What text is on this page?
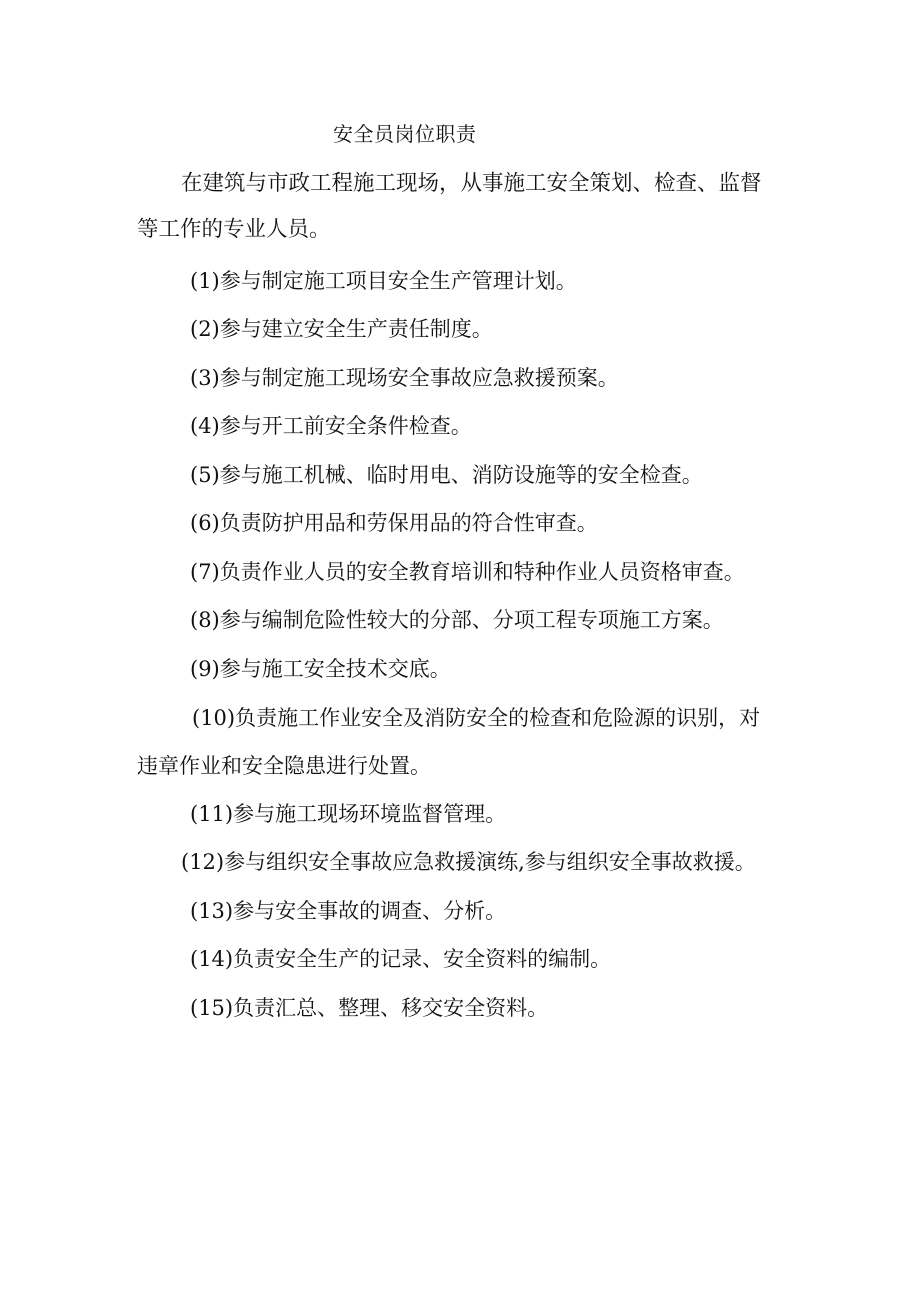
安全员岗位职责
在建筑与市政工程施工现场，从事施工安全策划、检查、监督
等工作的专业人员。
(1)参与制定施工项目安全生产管理计划。
(2)参与建立安全生产责任制度。
(3)参与制定施工现场安全事故应急救援预案。
(4)参与开工前安全条件检查。
(5)参与施工机械、临时用电、消防设施等的安全检查。
(6)负责防护用品和劳保用品的符合性审查。
(7)负责作业人员的安全教育培训和特种作业人员资格审查。
(8)参与编制危险性较大的分部、分项工程专项施工方案。
(9)参与施工安全技术交底。
(10)负责施工作业安全及消防安全的检查和危险源的识别，对
违章作业和安全隐患进行处置。
(11)参与施工现场环境监督管理。
(12)参与组织安全事故应急救援演练,参与组织安全事故救援。
(13)参与安全事故的调查、分析。
(14)负责安全生产的记录、安全资料的编制。
(15)负责汇总、整理、移交安全资料。
